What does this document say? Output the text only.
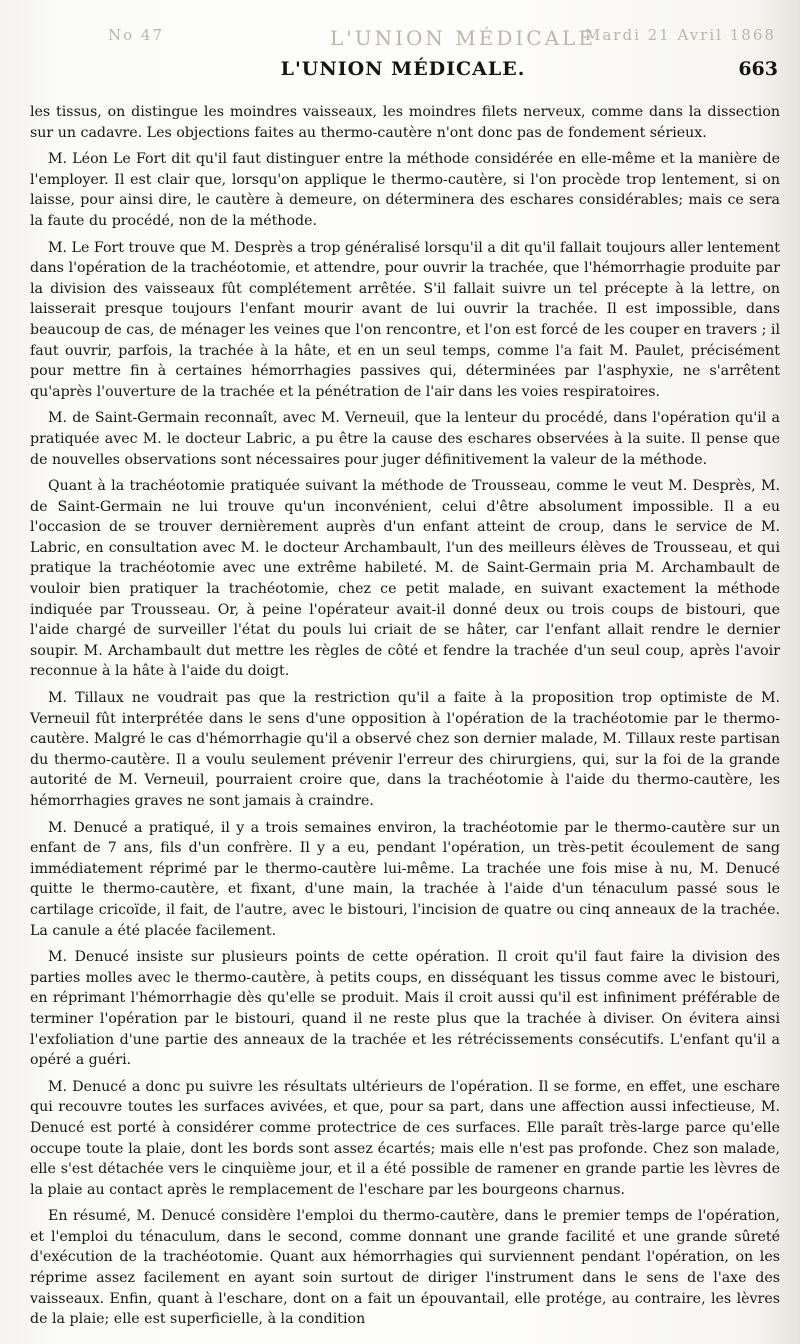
No 47	L'UNION MÉDICALE
Mardi 21 Avril 1868
L'UNION MÉDICALE.	663

les tissus, on distingue les moindres vaisseaux, les moindres filets nerveux, comme dans la dissection sur un cadavre. Les objections faites au thermo-cautère n'ont donc pas de fondement sérieux.

M. Léon Le Fort dit qu'il faut distinguer entre la méthode considérée en elle-même et la manière de l'employer. Il est clair que, lorsqu'on applique le thermo-cautère, si l'on procède trop lentement, si on laisse, pour ainsi dire, le cautère à demeure, on déterminera des eschares considérables; mais ce sera la faute du procédé, non de la méthode.

M. Le Fort trouve que M. Desprès a trop généralisé lorsqu'il a dit qu'il fallait toujours aller lentement dans l'opération de la trachéotomie, et attendre, pour ouvrir la trachée, que l'hémorrhagie produite par la division des vaisseaux fût complétement arrêtée. S'il fallait suivre un tel précepte à la lettre, on laisserait presque toujours l'enfant mourir avant de lui ouvrir la trachée. Il est impossible, dans beaucoup de cas, de ménager les veines que l'on rencontre, et l'on est forcé de les couper en travers ; il faut ouvrir, parfois, la trachée à la hâte, et en un seul temps, comme l'a fait M. Paulet, précisément pour mettre fin à certaines hémorrhagies passives qui, déterminées par l'asphyxie, ne s'arrêtent qu'après l'ouverture de la trachée et la pénétration de l'air dans les voies respiratoires.

M. de Saint-Germain reconnaît, avec M. Verneuil, que la lenteur du procédé, dans l'opération qu'il a pratiquée avec M. le docteur Labric, a pu être la cause des eschares observées à la suite. Il pense que de nouvelles observations sont nécessaires pour juger définitivement la valeur de la méthode.

Quant à la trachéotomie pratiquée suivant la méthode de Trousseau, comme le veut M. Desprès, M. de Saint-Germain ne lui trouve qu'un inconvénient, celui d'être absolument impossible. Il a eu l'occasion de se trouver dernièrement auprès d'un enfant atteint de croup, dans le service de M. Labric, en consultation avec M. le docteur Archambault, l'un des meilleurs élèves de Trousseau, et qui pratique la trachéotomie avec une extrême habileté. M. de Saint-Germain pria M. Archambault de vouloir bien pratiquer la trachéotomie, chez ce petit malade, en suivant exactement la méthode indiquée par Trousseau. Or, à peine l'opérateur avait-il donné deux ou trois coups de bistouri, que l'aide chargé de surveiller l'état du pouls lui criait de se hâter, car l'enfant allait rendre le dernier soupir. M. Archambault dut mettre les règles de côté et fendre la trachée d'un seul coup, après l'avoir reconnue à la hâte à l'aide du doigt.

M. Tillaux ne voudrait pas que la restriction qu'il a faite à la proposition trop optimiste de M. Verneuil fût interprétée dans le sens d'une opposition à l'opération de la trachéotomie par le thermo-cautère. Malgré le cas d'hémorrhagie qu'il a observé chez son dernier malade, M. Tillaux reste partisan du thermo-cautère. Il a voulu seulement prévenir l'erreur des chirurgiens, qui, sur la foi de la grande autorité de M. Verneuil, pourraient croire que, dans la trachéotomie à l'aide du thermo-cautère, les hémorrhagies graves ne sont jamais à craindre.

M. Denucé a pratiqué, il y a trois semaines environ, la trachéotomie par le thermo-cautère sur un enfant de 7 ans, fils d'un confrère. Il y a eu, pendant l'opération, un très-petit écoulement de sang immédiatement réprimé par le thermo-cautère lui-même. La trachée une fois mise à nu, M. Denucé quitte le thermo-cautère, et fixant, d'une main, la trachée à l'aide d'un ténaculum passé sous le cartilage cricoïde, il fait, de l'autre, avec le bistouri, l'incision de quatre ou cinq anneaux de la trachée. La canule a été placée facilement.

M. Denucé insiste sur plusieurs points de cette opération. Il croit qu'il faut faire la division des parties molles avec le thermo-cautère, à petits coups, en disséquant les tissus comme avec le bistouri, en réprimant l'hémorrhagie dès qu'elle se produit. Mais il croit aussi qu'il est infiniment préférable de terminer l'opération par le bistouri, quand il ne reste plus que la trachée à diviser. On évitera ainsi l'exfoliation d'une partie des anneaux de la trachée et les rétrécissements consécutifs. L'enfant qu'il a opéré a guéri.

M. Denucé a donc pu suivre les résultats ultérieurs de l'opération. Il se forme, en effet, une eschare qui recouvre toutes les surfaces avivées, et que, pour sa part, dans une affection aussi infectieuse, M. Denucé est porté à considérer comme protectrice de ces surfaces. Elle paraît très-large parce qu'elle occupe toute la plaie, dont les bords sont assez écartés; mais elle n'est pas profonde. Chez son malade, elle s'est détachée vers le cinquième jour, et il a été possible de ramener en grande partie les lèvres de la plaie au contact après le remplacement de l'eschare par les bourgeons charnus.

En résumé, M. Denucé considère l'emploi du thermo-cautère, dans le premier temps de l'opération, et l'emploi du ténaculum, dans le second, comme donnant une grande facilité et une grande sûreté d'exécution de la trachéotomie. Quant aux hémorrhagies qui surviennent pendant l'opération, on les réprime assez facilement en ayant soin surtout de diriger l'instrument dans le sens de l'axe des vaisseaux. Enfin, quant à l'eschare, dont on a fait un épouvantail, elle protége, au contraire, les lèvres de la plaie; elle est superficielle, à la condition
